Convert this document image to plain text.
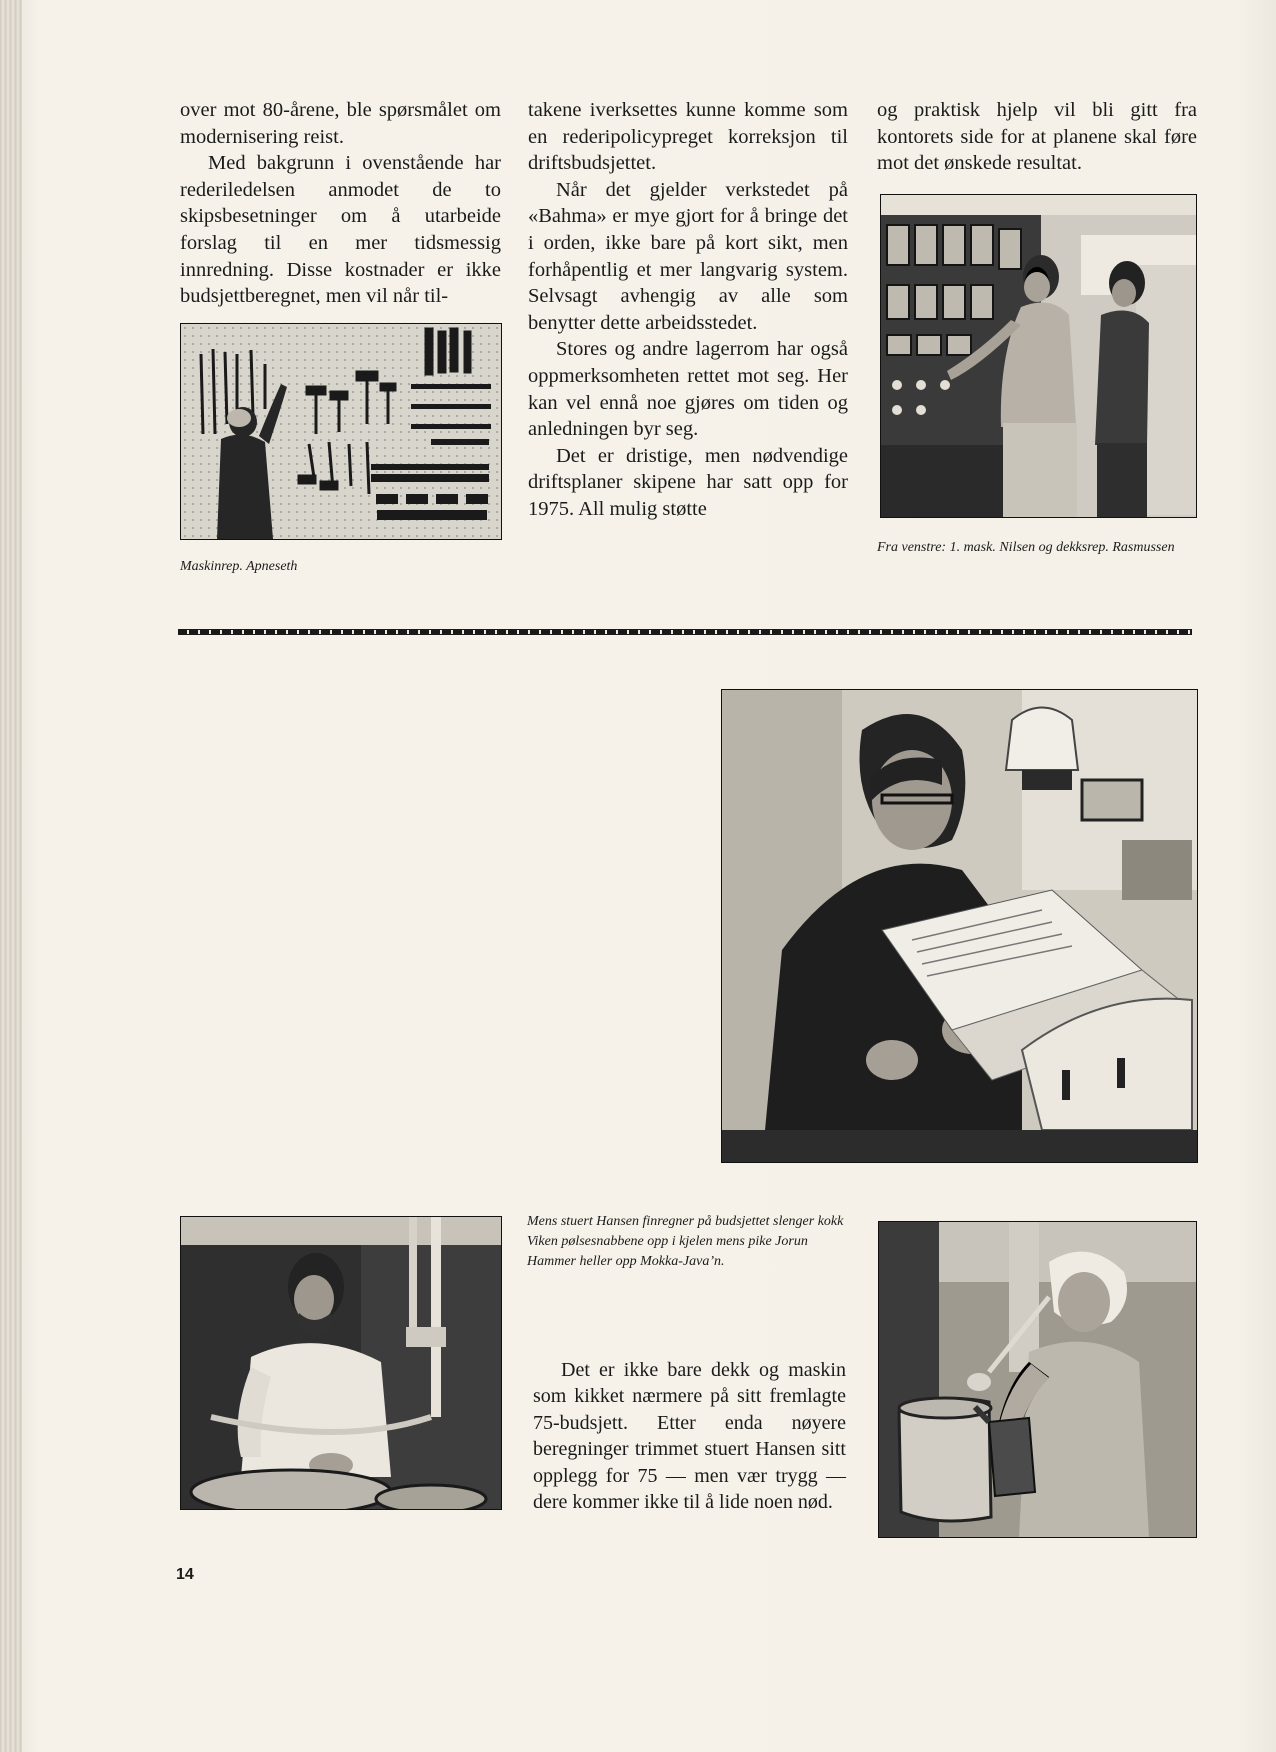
over mot 80-årene, ble spørsmålet om modernisering reist.

Med bakgrunn i ovenstående har rederiledelsen anmodet de to skipsbesetninger om å utarbeide forslag til en mer tidsmessig innredning. Disse kostnader er ikke budsjettberegnet, men vil når til-

Maskinrep. Apneseth

takene iverksettes kunne komme som en rederipolicypreget korreksjon til driftsbudsjettet.

Når det gjelder verkstedet på «Bahma» er mye gjort for å bringe det i orden, ikke bare på kort sikt, men forhåpentlig et mer langvarig system. Selvsagt avhengig av alle som benytter dette arbeidsstedet.

Stores og andre lagerrom har også oppmerksomheten rettet mot seg. Her kan vel ennå noe gjøres om tiden og anledningen byr seg.

Det er dristige, men nødvendige driftsplaner skipene har satt opp for 1975. All mulig støtte

og praktisk hjelp vil bli gitt fra kontorets side for at planene skal føre mot det ønskede resultat.

Fra venstre: 1. mask. Nilsen og dekksrep. Rasmussen
Mens stuert Hansen finregner på budsjettet slenger kokk Viken pølsesnabbene opp i kjelen mens pike Jorun Hammer heller opp Mokka-Java’n.

Det er ikke bare dekk og maskin som kikket nærmere på sitt fremlagte 75-budsjett. Etter enda nøyere beregninger trimmet stuert Hansen sitt opplegg for 75 — men vær trygg — dere kommer ikke til å lide noen nød.

14
